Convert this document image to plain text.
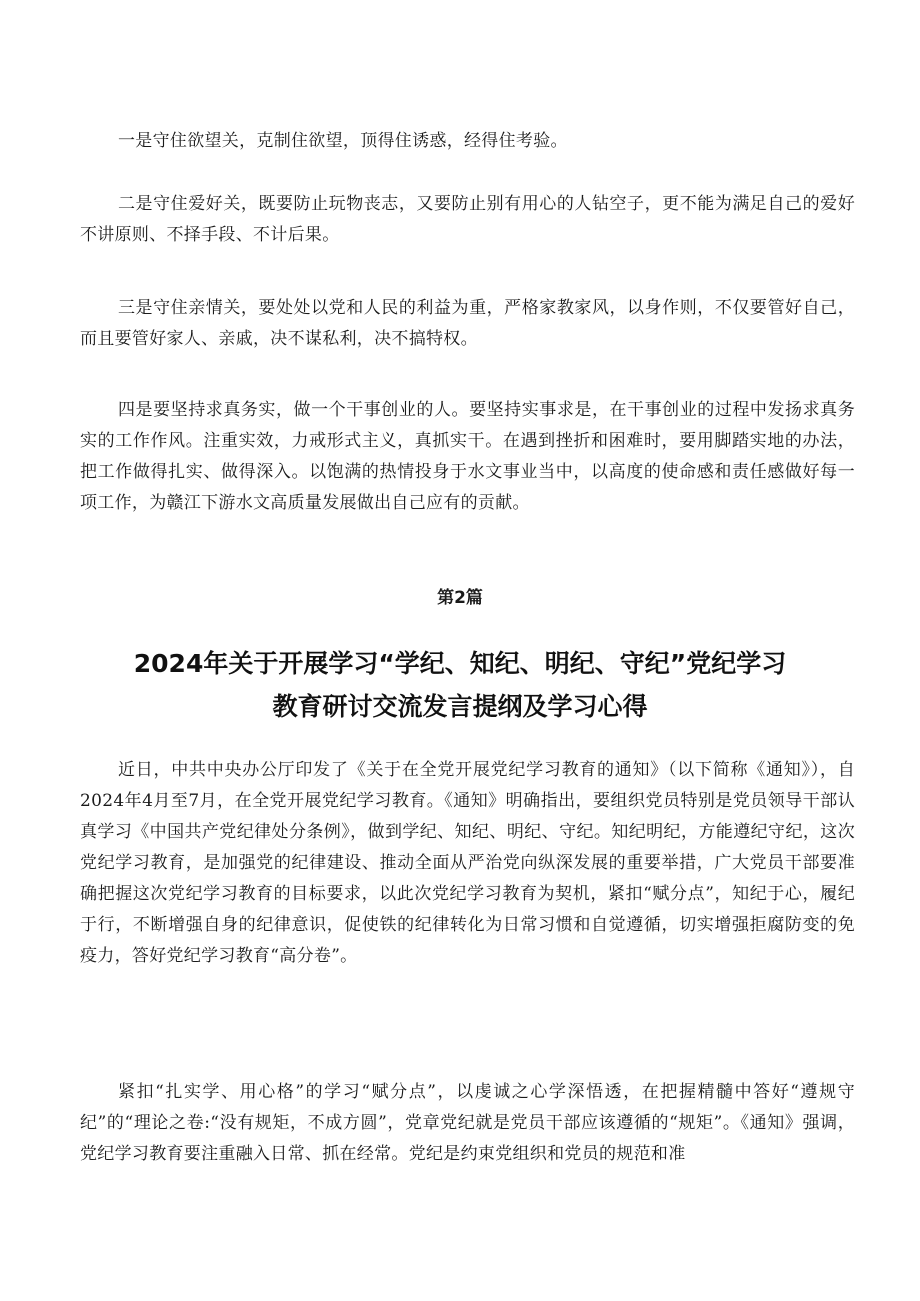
一是守住欲望关，克制住欲望，顶得住诱惑，经得住考验。

二是守住爱好关，既要防止玩物丧志，又要防止别有用心的人钻空子，更不能为满足自己的爱好不讲原则、不择手段、不计后果。

三是守住亲情关，要处处以党和人民的利益为重，严格家教家风，以身作则，不仅要管好自己，而且要管好家人、亲戚，决不谋私利，决不搞特权。

四是要坚持求真务实，做一个干事创业的人。要坚持实事求是，在干事创业的过程中发扬求真务实的工作作风。注重实效，力戒形式主义，真抓实干。在遇到挫折和困难时，要用脚踏实地的办法，把工作做得扎实、做得深入。以饱满的热情投身于水文事业当中，以高度的使命感和责任感做好每一项工作，为赣江下游水文高质量发展做出自己应有的贡献。

第2篇

2024年关于开展学习“学纪、知纪、明纪、守纪”党纪学习
教育研讨交流发言提纲及学习心得

近日，中共中央办公厅印发了《关于在全党开展党纪学习教育的通知》（以下简称《通知》），自2024年4月至7月，在全党开展党纪学习教育。《通知》明确指出，要组织党员特别是党员领导干部认真学习《中国共产党纪律处分条例》，做到学纪、知纪、明纪、守纪。知纪明纪，方能遵纪守纪，这次党纪学习教育，是加强党的纪律建设、推动全面从严治党向纵深发展的重要举措，广大党员干部要准确把握这次党纪学习教育的目标要求，以此次党纪学习教育为契机，紧扣“赋分点”，知纪于心，履纪于行，不断增强自身的纪律意识，促使铁的纪律转化为日常习惯和自觉遵循，切实增强拒腐防变的免疫力，答好党纪学习教育“高分卷”。

紧扣“扎实学、用心格”的学习“赋分点”，以虔诚之心学深悟透，在把握精髓中答好“遵规守纪”的“理论之卷:“没有规矩，不成方圆”，党章党纪就是党员干部应该遵循的“规矩”。《通知》强调，党纪学习教育要注重融入日常、抓在经常。党纪是约束党组织和党员的规范和准
